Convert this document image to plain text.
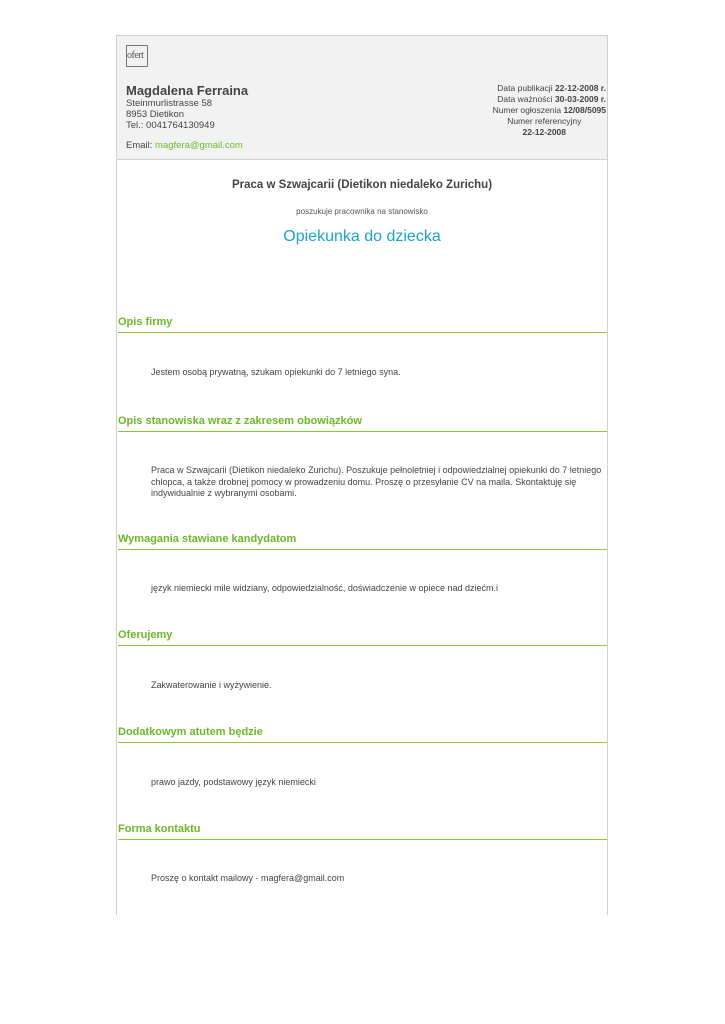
ofert
Magdalena Ferraina
Steinmurlistrasse 58
8953 Dietikon
Tel.: 0041764130949
Email: magfera@gmail.com
Data publikacji 22-12-2008 r.
Data ważności 30-03-2009 r.
Numer ogłoszenia 12/08/5095
Numer referencyjny
22-12-2008
Praca w Szwajcarii (Dietikon niedaleko Zurichu)
poszukuje pracownika na stanowisko
Opiekunka do dziecka
Opis firmy
Jestem osobą prywatną, szukam opiekunki do 7 letniego syna.
Opis stanowiska wraz z zakresem obowiązków
Praca w Szwajcarii (Dietikon niedaleko Zurichu). Poszukuje pełnoletniej i odpowiedzialnej opiekunki do 7 letniego chlopca, a także drobnej pomocy w prowadzeniu domu. Proszę o przesyłanie CV na maila. Skontaktuję się indywidualnie z wybranymi osobami.
Wymagania stawiane kandydatom
język niemiecki mile widziany, odpowiedzialność, doświadczenie w opiece nad dziećm.i
Oferujemy
Zakwaterowanie i wyżywienie.
Dodatkowym atutem będzie
prawo jazdy, podstawowy język niemiecki
Forma kontaktu
Proszę o kontakt mailowy - magfera@gmail.com
